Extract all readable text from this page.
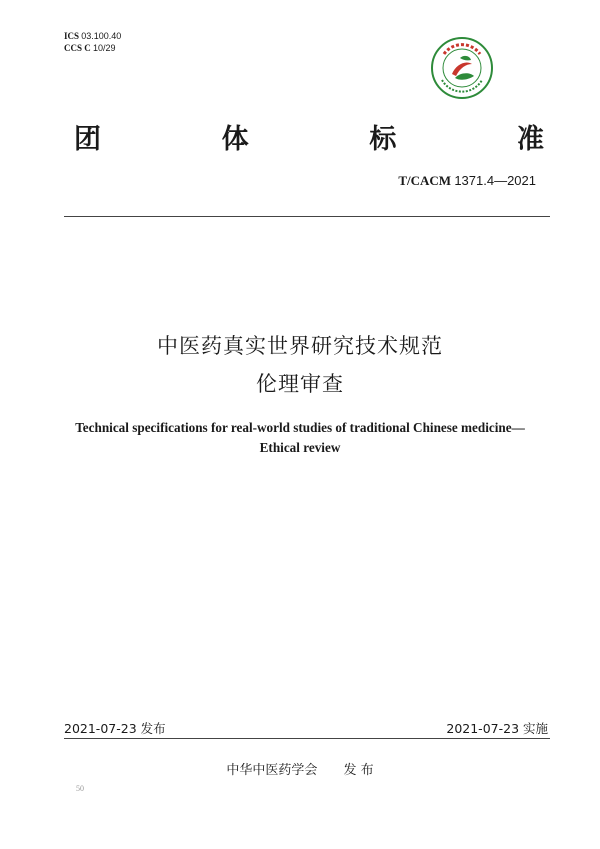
ICS 03.100.40
CCS C 10/29
团	体	标	准
T/CACM 1371.4—2021
中医药真实世界研究技术规范
伦理审查
Technical specifications for real-world studies of traditional Chinese medicine—
Ethical review
2021-07-23 发布	2021-07-23 实施
中华中医药学会 发 布
50
